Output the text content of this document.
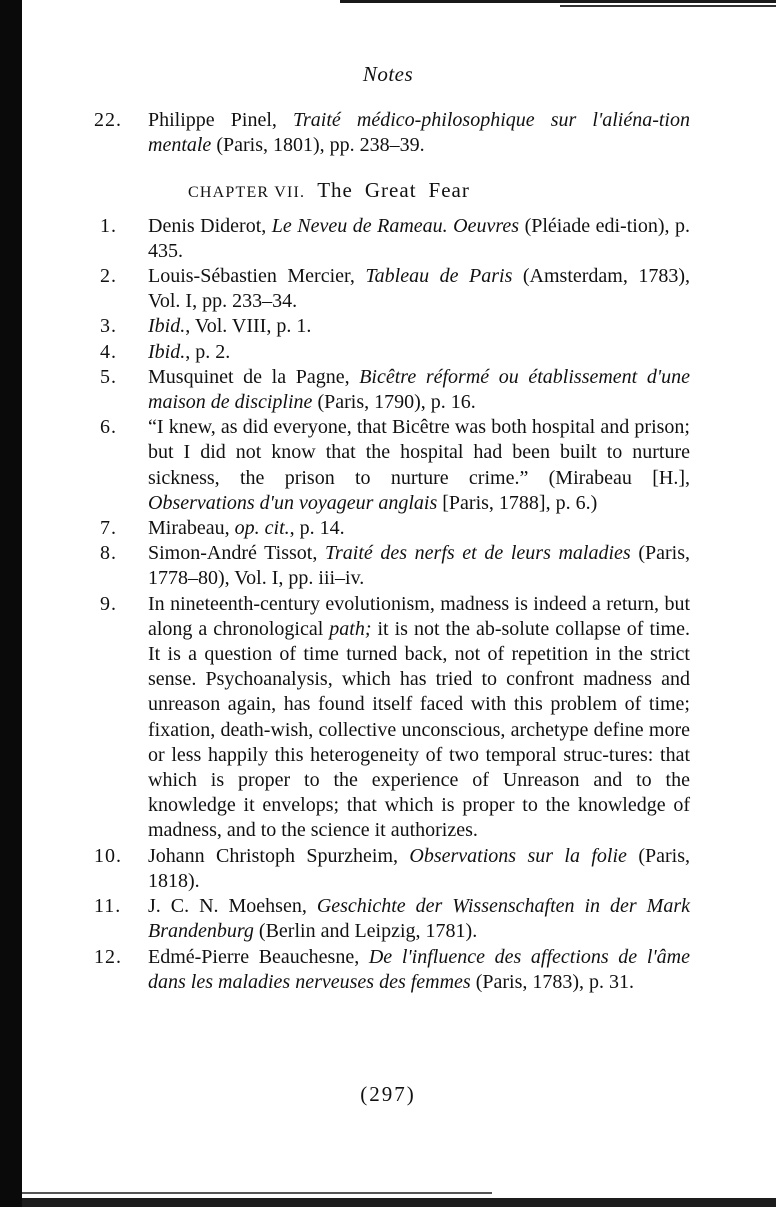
Notes

22.	Philippe Pinel, Traité médico-philosophique sur l'aliéna-tion mentale (Paris, 1801), pp. 238–39.

CHAPTER VII. The Great Fear

1.	Denis Diderot, Le Neveu de Rameau. Oeuvres (Pléiade edi-tion), p. 435.

2.	Louis-Sébastien Mercier, Tableau de Paris (Amsterdam, 1783), Vol. I, pp. 233–34.

3.	Ibid., Vol. VIII, p. 1.

4.	Ibid., p. 2.

5.	Musquinet de la Pagne, Bicêtre réformé ou établissement d'une maison de discipline (Paris, 1790), p. 16.

6.	“I knew, as did everyone, that Bicêtre was both hospital and prison; but I did not know that the hospital had been built to nurture sickness, the prison to nurture crime.” (Mirabeau [H.], Observations d'un voyageur anglais [Paris, 1788], p. 6.)

7.	Mirabeau, op. cit., p. 14.

8.	Simon-André Tissot, Traité des nerfs et de leurs maladies (Paris, 1778–80), Vol. I, pp. iii–iv.

9.	In nineteenth-century evolutionism, madness is indeed a return, but along a chronological path; it is not the ab-solute collapse of time. It is a question of time turned back, not of repetition in the strict sense. Psychoanalysis, which has tried to confront madness and unreason again, has found itself faced with this problem of time; fixation, death-wish, collective unconscious, archetype define more or less happily this heterogeneity of two temporal struc-tures: that which is proper to the experience of Unreason and to the knowledge it envelops; that which is proper to the knowledge of madness, and to the science it authorizes.

10.	Johann Christoph Spurzheim, Observations sur la folie (Paris, 1818).

11.	J. C. N. Moehsen, Geschichte der Wissenschaften in der Mark Brandenburg (Berlin and Leipzig, 1781).

12.	Edmé-Pierre Beauchesne, De l'influence des affections de l'âme dans les maladies nerveuses des femmes (Paris, 1783), p. 31.

(297)
